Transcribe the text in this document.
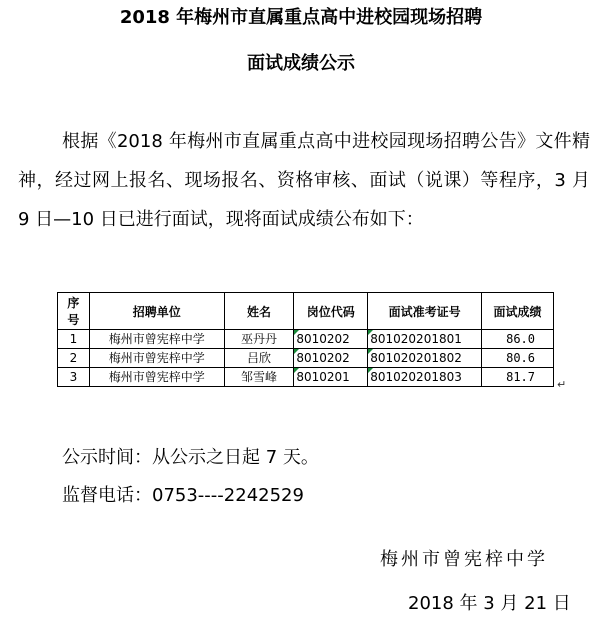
2018 年梅州市直属重点高中进校园现场招聘
面试成绩公示
根据《2018 年梅州市直属重点高中进校园现场招聘公告》文件精神，经过网上报名、现场报名、资格审核、面试（说课）等程序，3 月 9 日—10 日已进行面试，现将面试成绩公布如下：
序
号	招聘单位	姓名	岗位代码	面试准考证号	面试成绩
1	梅州市曾宪梓中学	巫丹丹	8010202	801020201801	86.0
2	梅州市曾宪梓中学	吕欣	8010202	801020201802	80.6
3	梅州市曾宪梓中学	邹雪峰	8010201	801020201803	81.7
↵
公示时间：从公示之日起 7 天。
监督电话：0753----2242529
梅州市曾宪梓中学
2018 年 3 月 21 日
